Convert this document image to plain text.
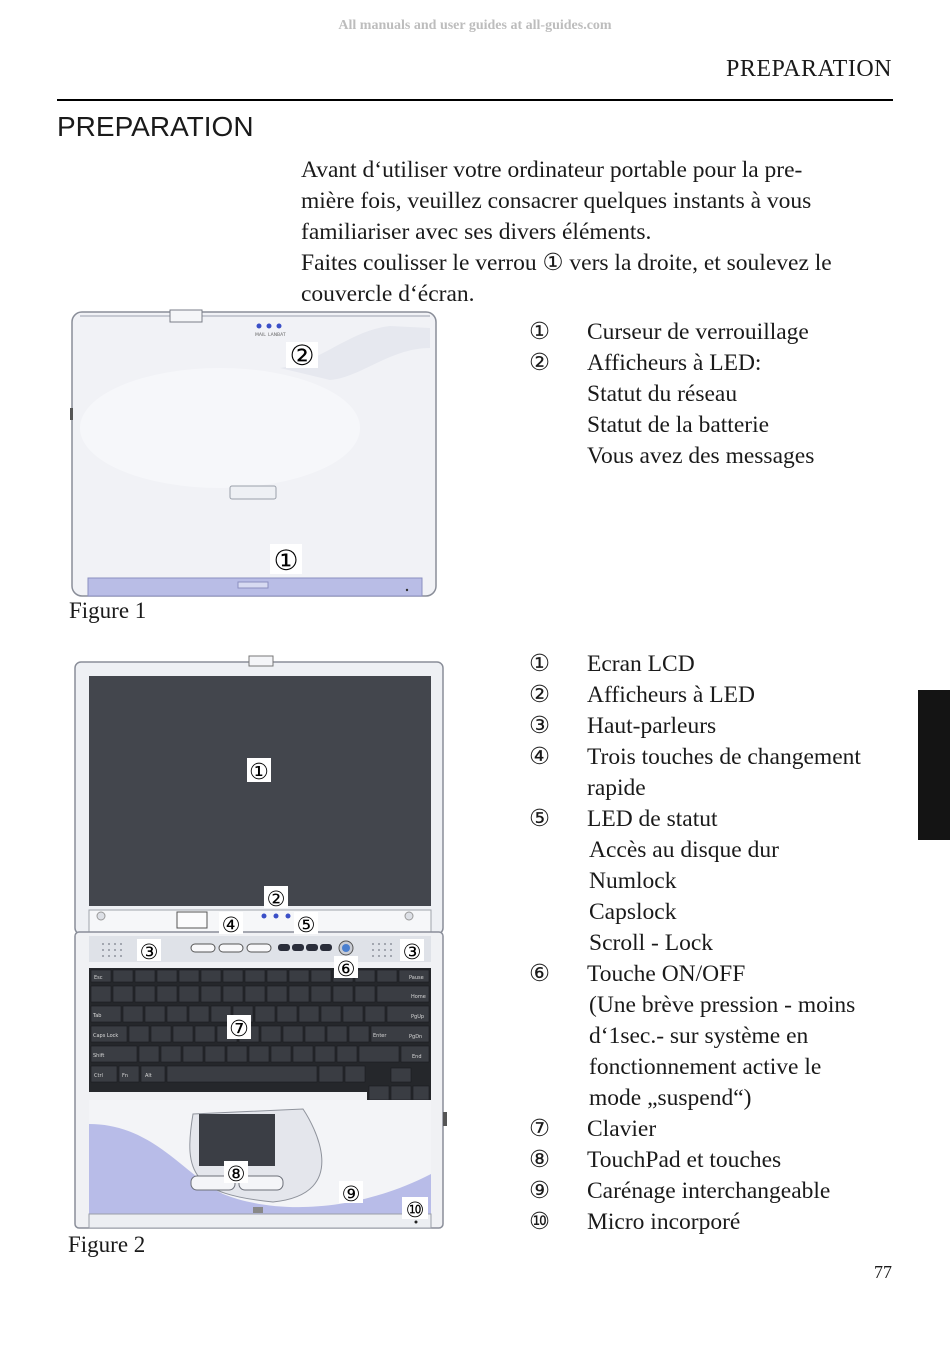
All manuals and user guides at all-guides.com
PREPARATION
PREPARATION

Avant d‘utiliser votre ordinateur portable pour la pre-

mière fois, veuillez consacrer quelques instants à vous

familiariser avec ses divers éléments.

Faites coulisser le verrou ① vers la droite, et soulevez le

couvercle d‘écran.

MAIL LAN BAT
②
①
Figure 1
①	Curseur de verrouillage
②	Afficheurs à LED:
Statut du réseau
Statut de la batterie
Vous avez des messages
Esc
Caps Lock
Tab
Ctrl	Fn	Alt
Shift
Enter
Pause
Home
End
PgUp
PgDn
①
②
④	⑤
③	③
⑥
⑦
⑧
⑨
⑩
Figure 2
①	Ecran LCD
②	Afficheurs à LED
③	Haut-parleurs
④	Trois touches de changement
rapide
⑤	LED de statut
Accès au disque dur
Numlock
Capslock
Scroll - Lock
⑥	Touche ON/OFF
(Une brève pression - moins
d‘1sec.- sur système en
fonctionnement active le
mode „suspend“)
⑦	Clavier
⑧	TouchPad et touches
⑨	Carénage interchangeable
⑩	Micro incorporé
77
